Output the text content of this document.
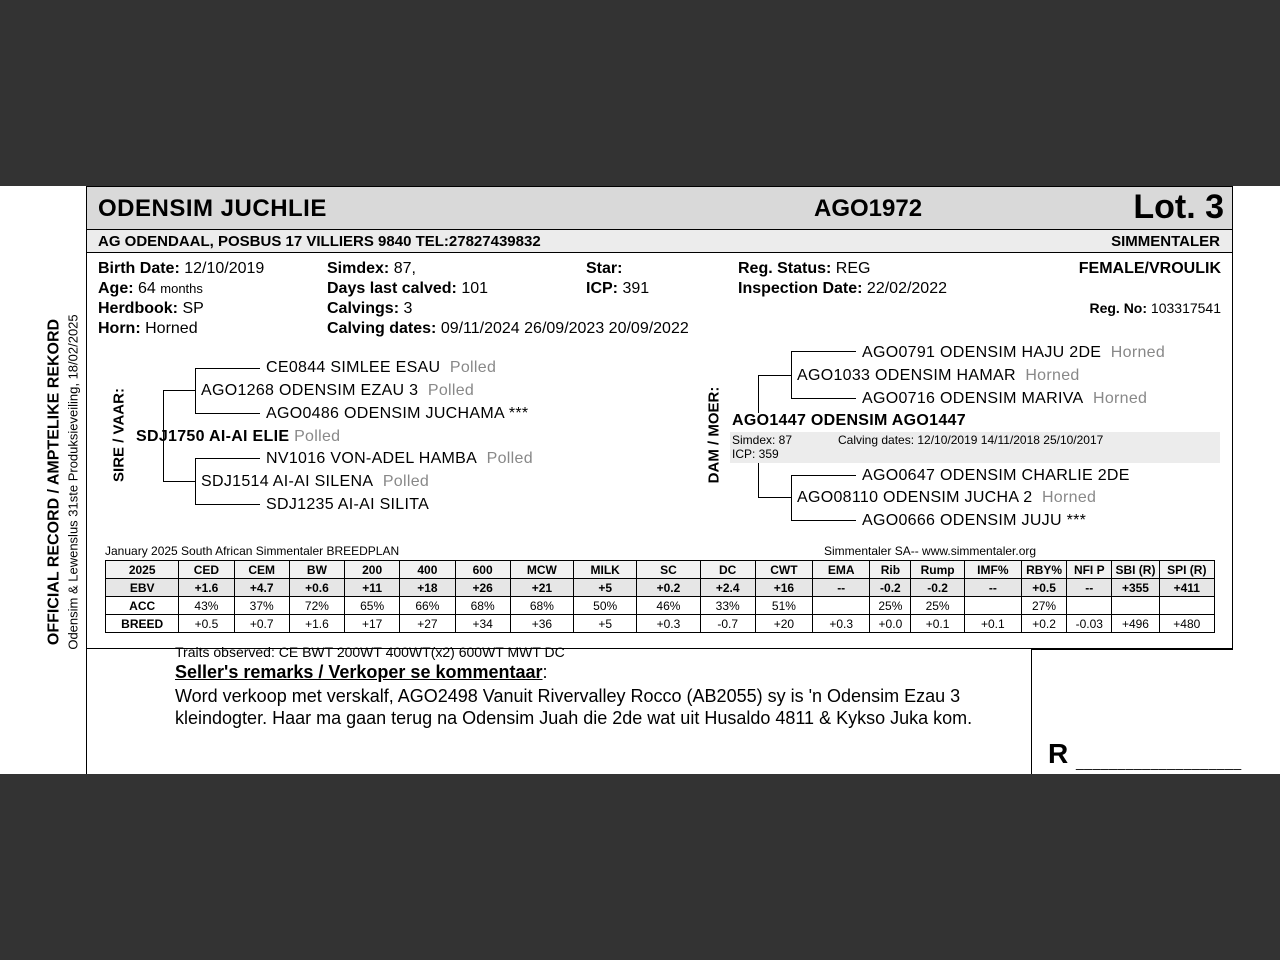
OFFICIAL RECORD / AMPTELIKE REKORD Odensim & Lewenslus 31ste Produksieveiling, 18/02/2025
ODENSIM JUCHLIE	AGO1972	Lot. 3
AG ODENDAAL, POSBUS 17 VILLIERS 9840 TEL:27827439832	SIMMENTALER
Birth Date: 12/10/2019
Age: 64 months
Herdbook: SP
Horn: Horned
Simdex: 87,
Days last calved: 101
Calvings: 3
Calving dates: 09/11/2024 26/09/2023 20/09/2022
Star:
ICP: 391
Reg. Status: REG
Inspection Date: 22/02/2022
FEMALE/VROULIK
Reg. No: 103317541
SIRE / VAAR:
CE0844 SIMLEE ESAU Polled
AGO1268 ODENSIM EZAU 3 Polled
AGO0486 ODENSIM JUCHAMA ***
SDJ1750 AI-AI ELIE Polled
NV1016 VON-ADEL HAMBA Polled
SDJ1514 AI-AI SILENA Polled
SDJ1235 AI-AI SILITA
DAM / MOER:
AGO0791 ODENSIM HAJU 2DE Horned
AGO1033 ODENSIM HAMAR Horned
AGO0716 ODENSIM MARIVA Horned
AGO1447 ODENSIM AGO1447
Simdex: 87
ICP: 359
Calving dates: 12/10/2019 14/11/2018 25/10/2017
AGO0647 ODENSIM CHARLIE 2DE
AGO08110 ODENSIM JUCHA 2 Horned
AGO0666 ODENSIM JUJU ***
January 2025 South African Simmentaler BREEDPLAN	Simmentaler SA-- www.simmentaler.org
2025	CED	CEM	BW	200	400	600	MCW	MILK	SC	DC	CWT	EMA	Rib	Rump	IMF%	RBY%	NFI P	SBI (R)	SPI (R)
EBV	+1.6	+4.7	+0.6	+11	+18	+26	+21	+5	+0.2	+2.4	+16	--	-0.2	-0.2	--	+0.5	--	+355	+411
ACC	43%	37%	72%	65%	66%	68%	68%	50%	46%	33%	51%		25%	25%		27%			
BREED	+0.5	+0.7	+1.6	+17	+27	+34	+36	+5	+0.3	-0.7	+20	+0.3	+0.0	+0.1	+0.1	+0.2	-0.03	+496	+480
Traits observed: CE BWT 200WT 400WT(x2) 600WT MWT DC
Seller's remarks / Verkoper se kommentaar:
Word verkoop met verskalf, AGO2498 Vanuit Rivervalley Rocco (AB2055) sy is 'n Odensim Ezau 3 kleindogter. Haar ma gaan terug na Odensim Juah die 2de wat uit Husaldo 4811 & Kykso Juka kom.
R ____________________
